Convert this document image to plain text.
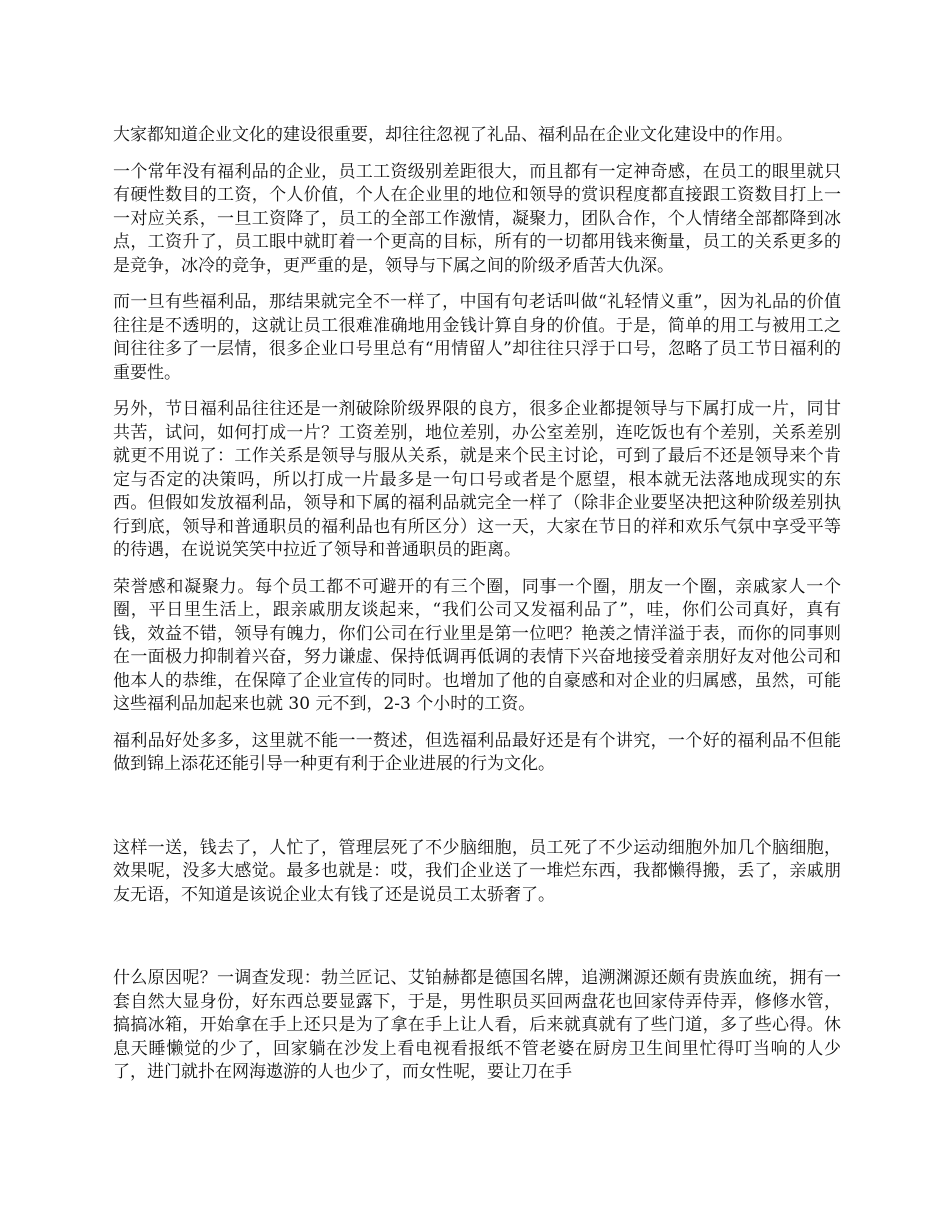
大家都知道企业文化的建设很重要，却往往忽视了礼品、福利品在企业文化建设中的作用。

一个常年没有福利品的企业，员工工资级别差距很大，而且都有一定神奇感，在员工的眼里就只有硬性数目的工资，个人价值，个人在企业里的地位和领导的赏识程度都直接跟工资数目打上一一对应关系，一旦工资降了，员工的全部工作激情，凝聚力，团队合作，个人情绪全部都降到冰点，工资升了，员工眼中就盯着一个更高的目标，所有的一切都用钱来衡量，员工的关系更多的是竞争，冰冷的竞争，更严重的是，领导与下属之间的阶级矛盾苦大仇深。

而一旦有些福利品，那结果就完全不一样了，中国有句老话叫做“礼轻情义重”，因为礼品的价值往往是不透明的，这就让员工很难准确地用金钱计算自身的价值。于是，简单的用工与被用工之间往往多了一层情，很多企业口号里总有“用情留人”却往往只浮于口号，忽略了员工节日福利的重要性。

另外，节日福利品往往还是一剂破除阶级界限的良方，很多企业都提领导与下属打成一片，同甘共苦，试问，如何打成一片？工资差别，地位差别，办公室差别，连吃饭也有个差别，关系差别就更不用说了：工作关系是领导与服从关系，就是来个民主讨论，可到了最后不还是领导来个肯定与否定的决策吗，所以打成一片最多是一句口号或者是个愿望，根本就无法落地成现实的东西。但假如发放福利品，领导和下属的福利品就完全一样了（除非企业要坚决把这种阶级差别执行到底，领导和普通职员的福利品也有所区分）这一天，大家在节日的祥和欢乐气氛中享受平等的待遇，在说说笑笑中拉近了领导和普通职员的距离。

荣誉感和凝聚力。每个员工都不可避开的有三个圈，同事一个圈，朋友一个圈，亲戚家人一个圈，平日里生活上，跟亲戚朋友谈起来，“我们公司又发福利品了”，哇，你们公司真好，真有钱，效益不错，领导有魄力，你们公司在行业里是第一位吧？艳羡之情洋溢于表，而你的同事则在一面极力抑制着兴奋，努力谦虚、保持低调再低调的表情下兴奋地接受着亲朋好友对他公司和他本人的恭维，在保障了企业宣传的同时。也增加了他的自豪感和对企业的归属感，虽然，可能这些福利品加起来也就 30 元不到，2-3 个小时的工资。

福利品好处多多，这里就不能一一赘述，但选福利品最好还是有个讲究，一个好的福利品不但能做到锦上添花还能引导一种更有利于企业进展的行为文化。

这样一送，钱去了，人忙了，管理层死了不少脑细胞，员工死了不少运动细胞外加几个脑细胞，效果呢，没多大感觉。最多也就是：哎，我们企业送了一堆烂东西，我都懒得搬，丢了，亲戚朋友无语，不知道是该说企业太有钱了还是说员工太骄奢了。

什么原因呢？一调查发现：勃兰匠记、艾铂赫都是德国名牌，追溯渊源还颇有贵族血统，拥有一套自然大显身份，好东西总要显露下，于是，男性职员买回两盘花也回家侍弄侍弄，修修水管，搞搞冰箱，开始拿在手上还只是为了拿在手上让人看，后来就真就有了些门道，多了些心得。休息天睡懒觉的少了，回家躺在沙发上看电视看报纸不管老婆在厨房卫生间里忙得叮当响的人少了，进门就扑在网海遨游的人也少了，而女性呢，要让刀在手
